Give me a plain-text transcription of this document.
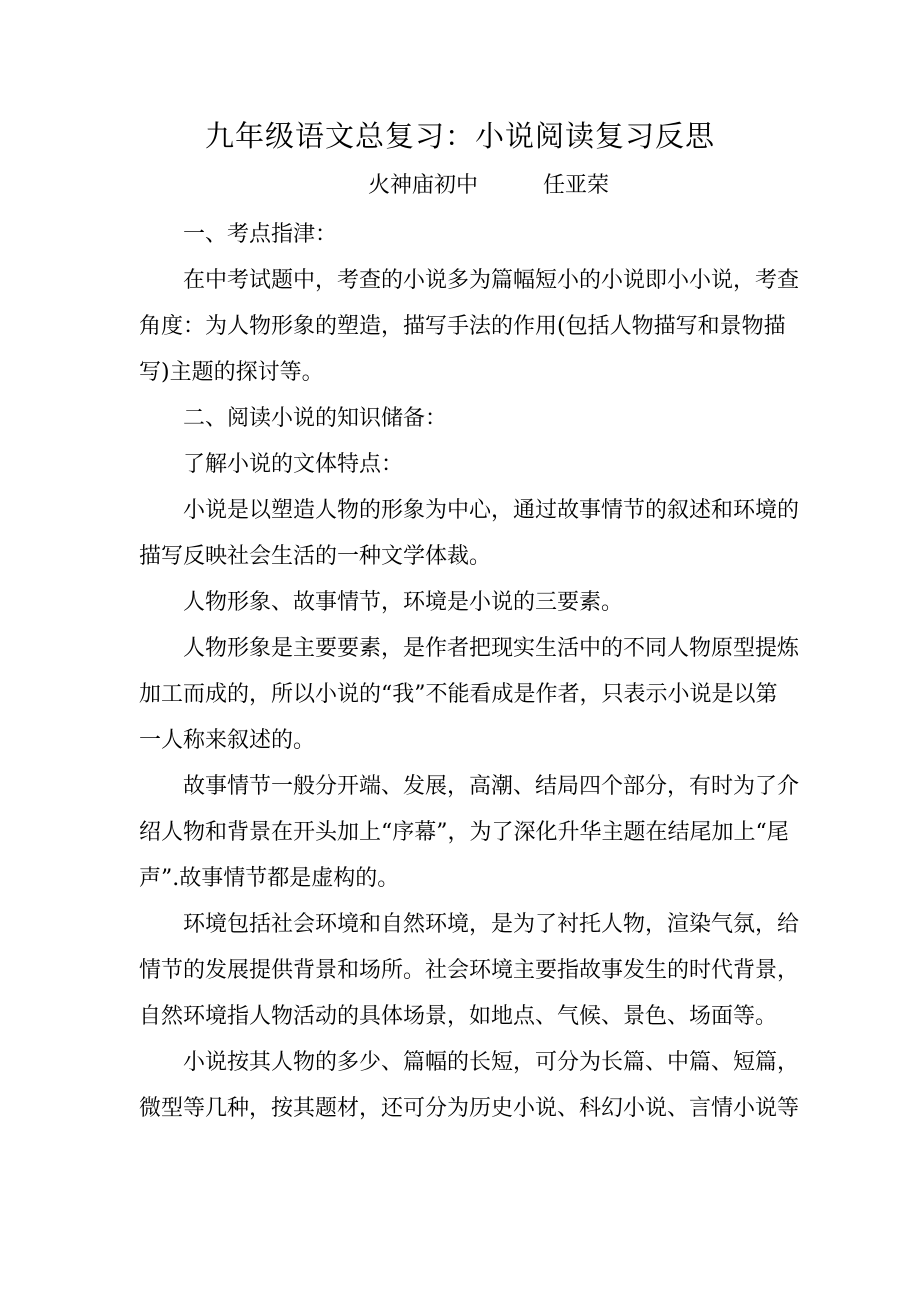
九年级语文总复习：小说阅读复习反思
火神庙初中	任亚荣
一、考点指津：
在中考试题中，考查的小说多为篇幅短小的小说即小小说，考查
角度：为人物形象的塑造，描写手法的作用(包括人物描写和景物描
写)主题的探讨等。
二、阅读小说的知识储备：
了解小说的文体特点：
小说是以塑造人物的形象为中心，通过故事情节的叙述和环境的
描写反映社会生活的一种文学体裁。
人物形象、故事情节，环境是小说的三要素。
人物形象是主要要素，是作者把现实生活中的不同人物原型提炼
加工而成的，所以小说的“我”不能看成是作者，只表示小说是以第
一人称来叙述的。
故事情节一般分开端、发展，高潮、结局四个部分，有时为了介
绍人物和背景在开头加上“序幕”，为了深化升华主题在结尾加上“尾
声”.故事情节都是虚构的。
环境包括社会环境和自然环境，是为了衬托人物，渲染气氛，给
情节的发展提供背景和场所。社会环境主要指故事发生的时代背景，
自然环境指人物活动的具体场景，如地点、气候、景色、场面等。
小说按其人物的多少、篇幅的长短，可分为长篇、中篇、短篇，
微型等几种，按其题材，还可分为历史小说、科幻小说、言情小说等
